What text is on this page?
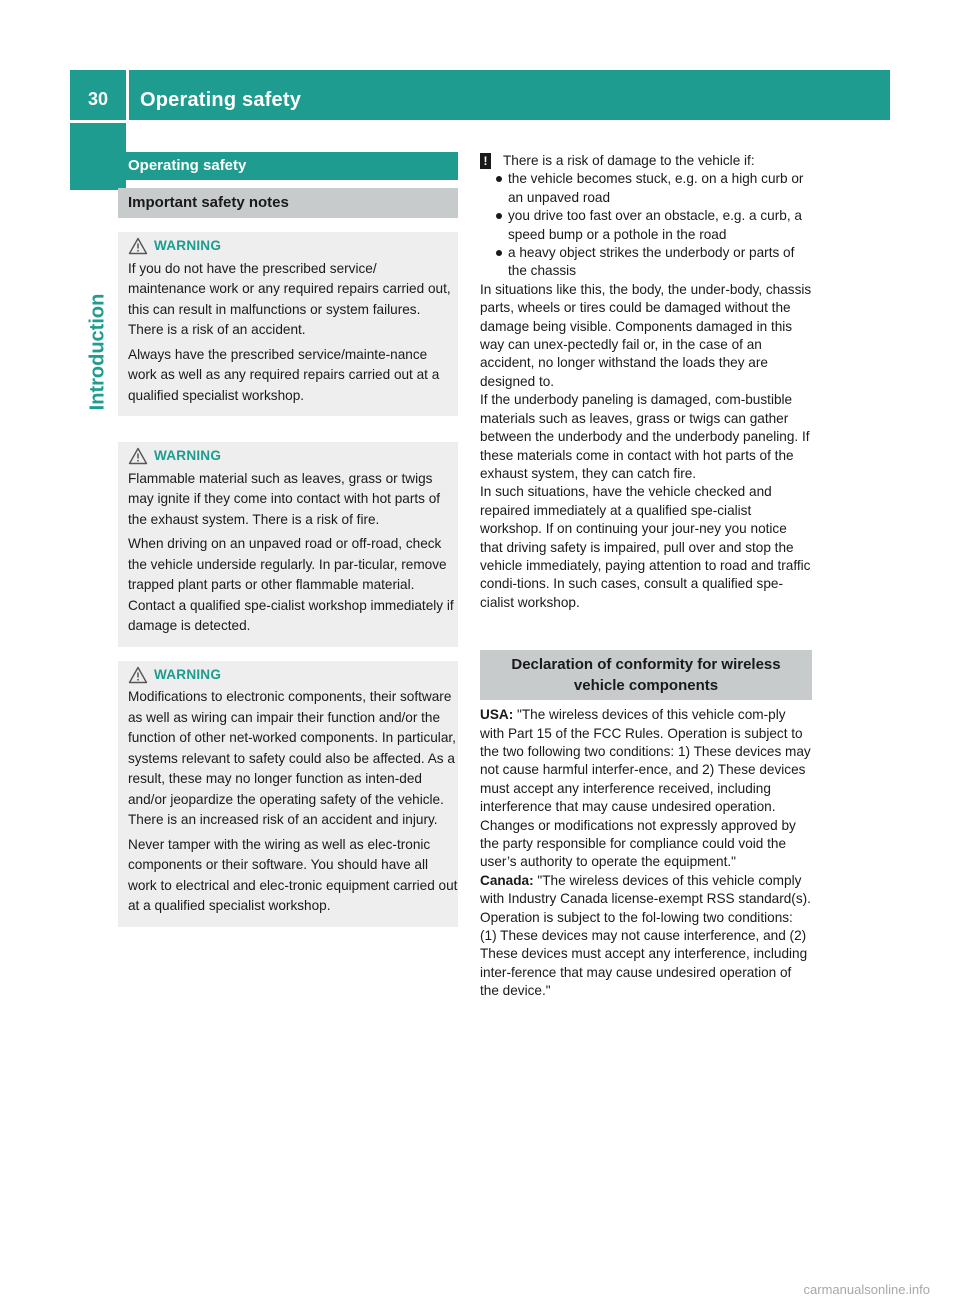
30	Operating safety
Introduction
Operating safety
Important safety notes
WARNING

If you do not have the prescribed service/ maintenance work or any required repairs carried out, this can result in malfunctions or system failures. There is a risk of an accident.

Always have the prescribed service/mainte-nance work as well as any required repairs carried out at a qualified specialist workshop.

WARNING

Flammable material such as leaves, grass or twigs may ignite if they come into contact with hot parts of the exhaust system. There is a risk of fire.

When driving on an unpaved road or off-road, check the vehicle underside regularly. In par-ticular, remove trapped plant parts or other flammable material. Contact a qualified spe-cialist workshop immediately if damage is detected.

WARNING

Modifications to electronic components, their software as well as wiring can impair their function and/or the function of other net-worked components. In particular, systems relevant to safety could also be affected. As a result, these may no longer function as inten-ded and/or jeopardize the operating safety of the vehicle. There is an increased risk of an accident and injury.

Never tamper with the wiring as well as elec-tronic components or their software. You should have all work to electrical and elec-tronic equipment carried out at a qualified specialist workshop.

! There is a risk of damage to the vehicle if:
the vehicle becomes stuck, e.g. on a high curb or an unpaved road
you drive too fast over an obstacle, e.g. a curb, a speed bump or a pothole in the road
a heavy object strikes the underbody or parts of the chassis

In situations like this, the body, the under-body, chassis parts, wheels or tires could be damaged without the damage being visible. Components damaged in this way can unex-pectedly fail or, in the case of an accident, no longer withstand the loads they are designed to.

If the underbody paneling is damaged, com-bustible materials such as leaves, grass or twigs can gather between the underbody and the underbody paneling. If these materials come in contact with hot parts of the exhaust system, they can catch fire.

In such situations, have the vehicle checked and repaired immediately at a qualified spe-cialist workshop. If on continuing your jour-ney you notice that driving safety is impaired, pull over and stop the vehicle immediately, paying attention to road and traffic condi-tions. In such cases, consult a qualified spe-cialist workshop.

Declaration of conformity for wireless vehicle components

USA: "The wireless devices of this vehicle com-ply with Part 15 of the FCC Rules. Operation is subject to the two following two conditions: 1) These devices may not cause harmful interfer-ence, and 2) These devices must accept any interference received, including interference that may cause undesired operation. Changes or modifications not expressly approved by the party responsible for compliance could void the user’s authority to operate the equipment."

Canada: "The wireless devices of this vehicle comply with Industry Canada license-exempt RSS standard(s). Operation is subject to the fol-lowing two conditions: (1) These devices may not cause interference, and (2) These devices must accept any interference, including inter-ference that may cause undesired operation of the device."

carmanualsonline.info
